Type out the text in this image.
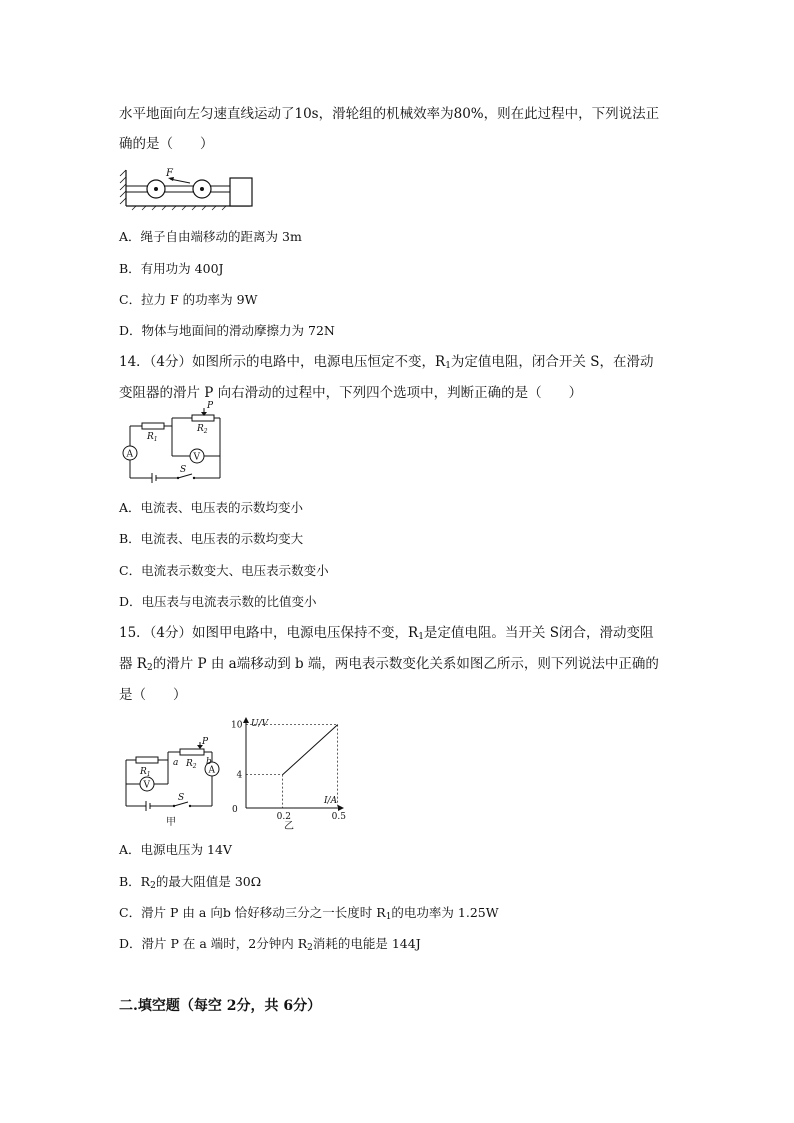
水平地面向左匀速直线运动了10s，滑轮组的机械效率为80%，则在此过程中，下列说法正
确的是（　　）
F
A．绳子自由端移动的距离为 3m
B．有用功为 400J
C．拉力 F 的功率为 9W
D．物体与地面间的滑动摩擦力为 72N
14．（4分）如图所示的电路中，电源电压恒定不变，$R_1$为定值电阻，闭合开关 S，在滑动
变阻器的滑片 P 向右滑动的过程中，下列四个选项中，判断正确的是（　　）
$R_1$
$R_2$
P
S
A	V
A．电流表、电压表的示数均变小
B．电流表、电压表的示数均变大
C．电流表示数变大、电压表示数变小
D．电压表与电流表示数的比值变小
15．（4分）如图甲电路中，电源电压保持不变，$R_1$是定值电阻。当开关 S闭合，滑动变阻
器 $R_2$的滑片 P 由 a端移动到 b 端，两电表示数变化关系如图乙所示，则下列说法中正确的
是（　　）
$R_1$
$R_2$
P
a	b
S
A
V
甲	0.2	0.5
10
4
U/V
I/A
0
乙
A．电源电压为 14V
B．$R_2$的最大阻值是 30Ω
C．滑片 P 由 a 向b 恰好移动三分之一长度时 $R_1$的电功率为 1.25W
D．滑片 P 在 a 端时，2分钟内 $R_2$消耗的电能是 144J
二.填空题（每空 2分，共 6分）
